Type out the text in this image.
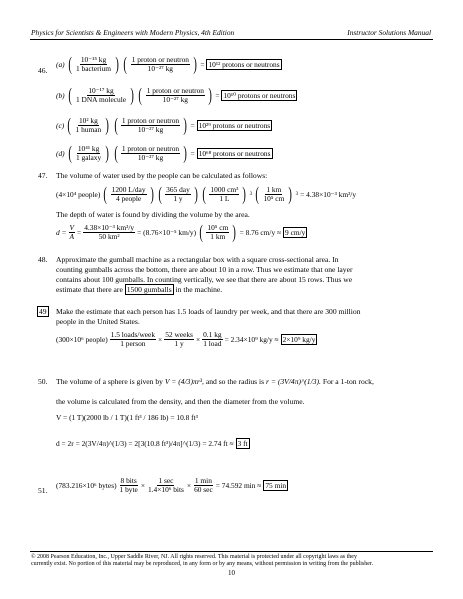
Physics for Scientists & Engineers with Modern Physics, 4th Edition	Instructor Solutions Manual
46.
(a) ( $\frac{\text{10⁻¹⁵ kg}}{\text{1 bacterium}}$ ) ( $\frac{\text{1 proton or neutron}}{\text{10⁻²⁷ kg}}$ ) = 10¹² protons or neutrons
(b) ( $\frac{\text{10⁻¹⁷ kg}}{\text{1 DNA molecule}}$ ) ( $\frac{\text{1 proton or neutron}}{\text{10⁻²⁷ kg}}$ ) = 10¹⁰ protons or neutrons
(c) ( $\frac{\text{10² kg}}{\text{1 human}}$ ) ( $\frac{\text{1 proton or neutron}}{\text{10⁻²⁷ kg}}$ ) = 10²⁹ protons or neutrons
(d) ( $\frac{\text{10⁴¹ kg}}{\text{1 galaxy}}$ ) ( $\frac{\text{1 proton or neutron}}{\text{10⁻²⁷ kg}}$ ) = 10⁶⁸ protons or neutrons
47. The volume of water used by the people can be calculated as follows:
(4×10⁴ people) ( $\frac{\text{1200 L/day}}{\text{4 people}}$ ) ( $\frac{\text{365 day}}{1 y}$ ) ( $\frac{\text{1000 cm³}}{1 L}$ ) 3 ( $\frac{1 km}{\text{10⁵ cm}}$ ) 3 = 4.38×10⁻³ km³/y
The depth of water is found by dividing the volume by the area.
$d = \frac{V}{A} = \frac{\text{4.38×10⁻³ km³/y}}{\text{50 km²}} = (8.76\times 10^{-5}$ km/y) ( $\frac{\text{10⁵ cm}}{1 km}$ ) = 8.76 cm/y ≈ 9 cm/y
48. Approximate the gumball machine as a rectangular box with a square cross-sectional area. In
counting gumballs across the bottom, there are about 10 in a row. Thus we estimate that one layer
contains about 100 gumballs. In counting vertically, we see that there are about 15 rows. Thus we
estimate that there are 1500 gumballs in the machine.
49 Make the estimate that each person has 1.5 loads of laundry per week, and that there are 300 million
people in the United States.
(300×10⁶ people) $\frac{\text{1.5 loads/week}}{\text{1 person}} \times \frac{\text{52 weeks}}{1 y} \times \frac{0.1 kg}{\text{1 load}} = 2.34\times 10^9$ kg/y ≈ 2×10⁹ kg/y
50. The volume of a sphere is given by V = (4/3)πr³, and so the radius is r = (3V/4π)^(1/3). For a 1-ton rock,
the volume is calculated from the density, and then the diameter from the volume.
V = (1 T)(2000 lb / 1 T)(1 ft³ / 186 lb) = 10.8 ft³
d = 2r = 2(3V/4π)^(1/3) = 2[3(10.8 ft³)/4π]^(1/3) = 2.74 ft ≈ 3 ft
51.
(783.216×10⁶ bytes) $\frac{\text{8 bits}}{\text{1 byte}} \times \frac{1 \sec}{\text{1.4×10⁶ bits}} \times \frac{1 \min}{60 \sec} = 74.592$ min ≈ 75 min
© 2008 Pearson Education, Inc., Upper Saddle River, NJ. All rights reserved. This material is protected under all copyright laws as they
currently exist. No portion of this material may be reproduced, in any form or by any means, without permission in writing from the publisher.
10
